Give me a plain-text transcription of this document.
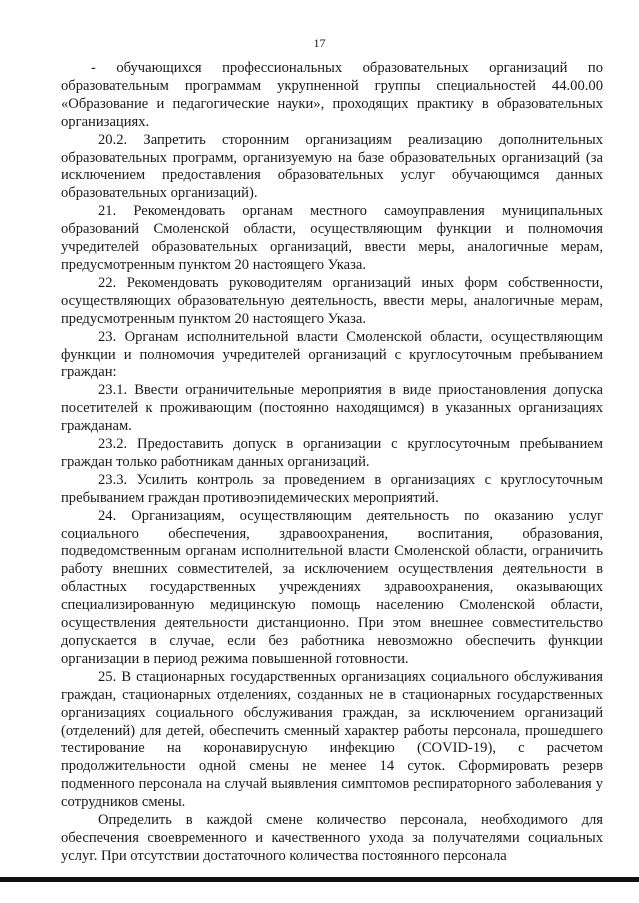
17

- обучающихся профессиональных образовательных организаций по образовательным программам укрупненной группы специальностей 44.00.00 «Образование и педагогические науки», проходящих практику в образовательных организациях.

20.2. Запретить сторонним организациям реализацию дополнительных образовательных программ, организуемую на базе образовательных организаций (за исключением предоставления образовательных услуг обучающимся данных образовательных организаций).

21. Рекомендовать органам местного самоуправления муниципальных образований Смоленской области, осуществляющим функции и полномочия учредителей образовательных организаций, ввести меры, аналогичные мерам, предусмотренным пунктом 20 настоящего Указа.

22. Рекомендовать руководителям организаций иных форм собственности, осуществляющих образовательную деятельность, ввести меры, аналогичные мерам, предусмотренным пунктом 20 настоящего Указа.

23. Органам исполнительной власти Смоленской области, осуществляющим функции и полномочия учредителей организаций с круглосуточным пребыванием граждан:

23.1. Ввести ограничительные мероприятия в виде приостановления допуска посетителей к проживающим (постоянно находящимся) в указанных организациях гражданам.

23.2. Предоставить допуск в организации с круглосуточным пребыванием граждан только работникам данных организаций.

23.3. Усилить контроль за проведением в организациях с круглосуточным пребыванием граждан противоэпидемических мероприятий.

24. Организациям, осуществляющим деятельность по оказанию услуг социального обеспечения, здравоохранения, воспитания, образования, подведомственным органам исполнительной власти Смоленской области, ограничить работу внешних совместителей, за исключением осуществления деятельности в областных государственных учреждениях здравоохранения, оказывающих специализированную медицинскую помощь населению Смоленской области, осуществления деятельности дистанционно. При этом внешнее совместительство допускается в случае, если без работника невозможно обеспечить функции организации в период режима повышенной готовности.

25. В стационарных государственных организациях социального обслуживания граждан, стационарных отделениях, созданных не в стационарных государственных организациях социального обслуживания граждан, за исключением организаций (отделений) для детей, обеспечить сменный характер работы персонала, прошедшего тестирование на коронавирусную инфекцию (COVID-19), с расчетом продолжительности одной смены не менее 14 суток. Сформировать резерв подменного персонала на случай выявления симптомов респираторного заболевания у сотрудников смены.

Определить в каждой смене количество персонала, необходимого для обеспечения своевременного и качественного ухода за получателями социальных услуг. При отсутствии достаточного количества постоянного персонала
